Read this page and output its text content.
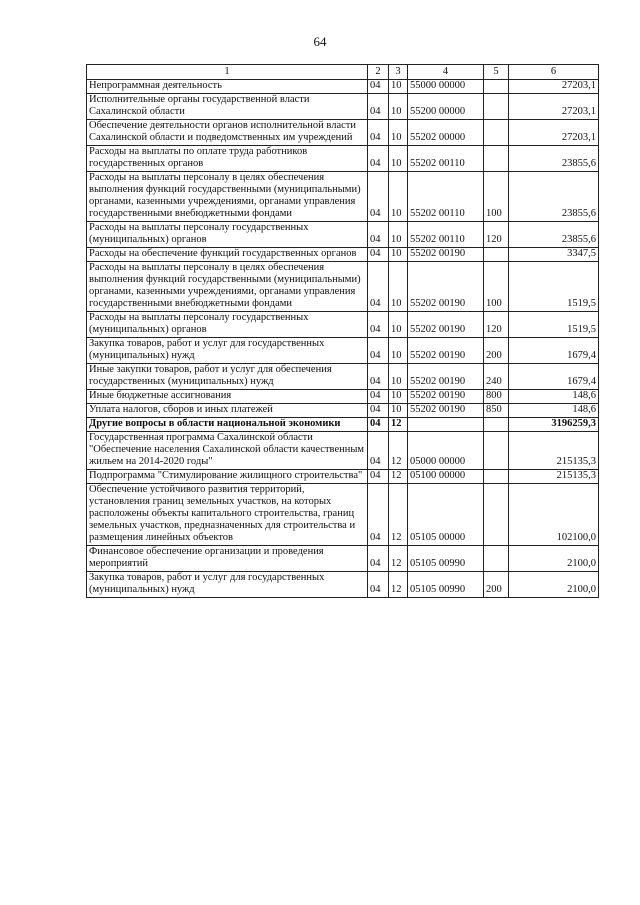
64
1	2	3	4	5	6
Непрограммная деятельность	04	10	55000 00000		27203,1
Исполнительные органы государственной власти Сахалинской области	04	10	55200 00000		27203,1
Обеспечение деятельности органов исполнительной власти Сахалинской области и подведомственных им учреждений	04	10	55202 00000		27203,1
Расходы на выплаты по оплате труда работников государственных органов	04	10	55202 00110		23855,6
Расходы на выплаты персоналу в целях обеспечения выполнения функций государственными (муниципальными) органами, казенными учреждениями, органами управления государственными внебюджетными фондами	04	10	55202 00110	100	23855,6
Расходы на выплаты персоналу государственных (муниципальных) органов	04	10	55202 00110	120	23855,6
Расходы на обеспечение функций государственных органов	04	10	55202 00190		3347,5
Расходы на выплаты персоналу в целях обеспечения выполнения функций государственными (муниципальными) органами, казенными учреждениями, органами управления государственными внебюджетными фондами	04	10	55202 00190	100	1519,5
Расходы на выплаты персоналу государственных (муниципальных) органов	04	10	55202 00190	120	1519,5
Закупка товаров, работ и услуг для государственных (муниципальных) нужд	04	10	55202 00190	200	1679,4
Иные закупки товаров, работ и услуг для обеспечения государственных (муниципальных) нужд	04	10	55202 00190	240	1679,4
Иные бюджетные ассигнования	04	10	55202 00190	800	148,6
Уплата налогов, сборов и иных платежей	04	10	55202 00190	850	148,6
Другие вопросы в области национальной экономики	04	12			3196259,3
Государственная программа Сахалинской области "Обеспечение населения Сахалинской области качественным жильем на 2014-2020 годы"	04	12	05000 00000		215135,3
Подпрограмма "Стимулирование жилищного строительства"	04	12	05100 00000		215135,3
Обеспечение устойчивого развития территорий, установления границ земельных участков, на которых расположены объекты капитального строительства, границ земельных участков, предназначенных для строительства и размещения линейных объектов	04	12	05105 00000		102100,0
Финансовое обеспечение организации и проведения мероприятий	04	12	05105 00990		2100,0
Закупка товаров, работ и услуг для государственных (муниципальных) нужд	04	12	05105 00990	200	2100,0
